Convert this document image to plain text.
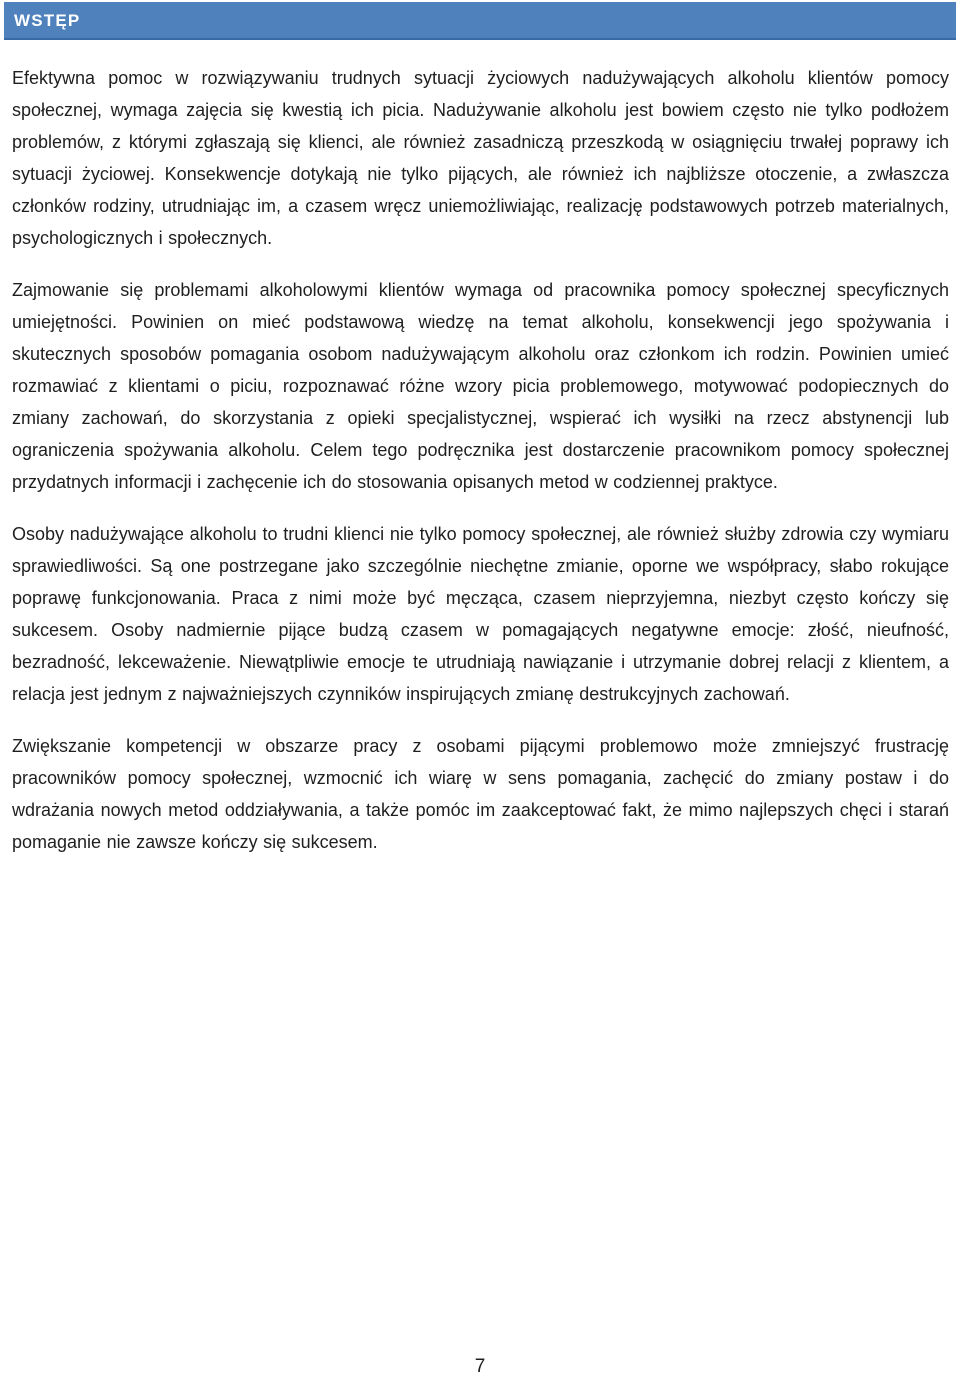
WSTĘP

Efektywna pomoc w rozwiązywaniu trudnych sytuacji życiowych nadużywających alkoholu klientów pomocy społecznej, wymaga zajęcia się kwestią ich picia. Nadużywanie alkoholu jest bowiem często nie tylko podłożem problemów, z którymi zgłaszają się klienci, ale również zasadniczą przeszkodą w osiągnięciu trwałej poprawy ich sytuacji życiowej. Konsekwencje dotykają nie tylko pijących, ale również ich najbliższe otoczenie, a zwłaszcza członków rodziny, utrudniając im, a czasem wręcz uniemożliwiając, realizację podstawowych potrzeb materialnych, psychologicznych i społecznych.

Zajmowanie się problemami alkoholowymi klientów wymaga od pracownika pomocy społecznej specyficznych umiejętności. Powinien on mieć podstawową wiedzę na temat alkoholu, konsekwencji jego spożywania i skutecznych sposobów pomagania osobom nadużywającym alkoholu oraz członkom ich rodzin. Powinien umieć rozmawiać z klientami o piciu, rozpoznawać różne wzory picia problemowego, motywować podopiecznych do zmiany zachowań, do skorzystania z opieki specjalistycznej, wspierać ich wysiłki na rzecz abstynencji lub ograniczenia spożywania alkoholu. Celem tego podręcznika jest dostarczenie pracownikom pomocy społecznej przydatnych informacji i zachęcenie ich do stosowania opisanych metod w codziennej praktyce.

Osoby nadużywające alkoholu to trudni klienci nie tylko pomocy społecznej, ale również służby zdrowia czy wymiaru sprawiedliwości. Są one postrzegane jako szczególnie niechętne zmianie, oporne we współpracy, słabo rokujące poprawę funkcjonowania. Praca z nimi może być męcząca, czasem nieprzyjemna, niezbyt często kończy się sukcesem. Osoby nadmiernie pijące budzą czasem w pomagających negatywne emocje: złość, nieufność, bezradność, lekceważenie. Niewątpliwie emocje te utrudniają nawiązanie i utrzymanie dobrej relacji z klientem, a relacja jest jednym z najważniejszych czynników inspirujących zmianę destrukcyjnych zachowań.

Zwiększanie kompetencji w obszarze pracy z osobami pijącymi problemowo może zmniejszyć frustrację pracowników pomocy społecznej, wzmocnić ich wiarę w sens pomagania, zachęcić do zmiany postaw i do wdrażania nowych metod oddziaływania, a także pomóc im zaakceptować fakt, że mimo najlepszych chęci i starań pomaganie nie zawsze kończy się sukcesem.

7
